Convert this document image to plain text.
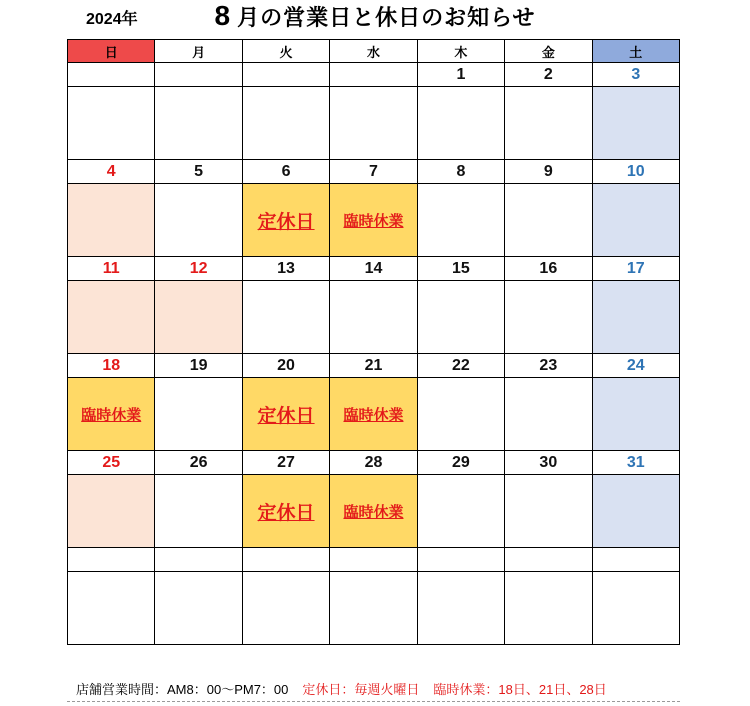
2024年	8 月の営業日と休日のお知らせ
日	月	火	水	木	金	土
				1	2	3

4	5	6	7	8	9	10
		定休日	臨時休業			
11	12	13	14	15	16	17

18	19	20	21	22	23	24
臨時休業		定休日	臨時休業			
25	26	27	28	29	30	31
		定休日	臨時休業			

店舗営業時間：AM8：00〜PM7：00 定休日：毎週火曜日 臨時休業：18日、21日、28日
